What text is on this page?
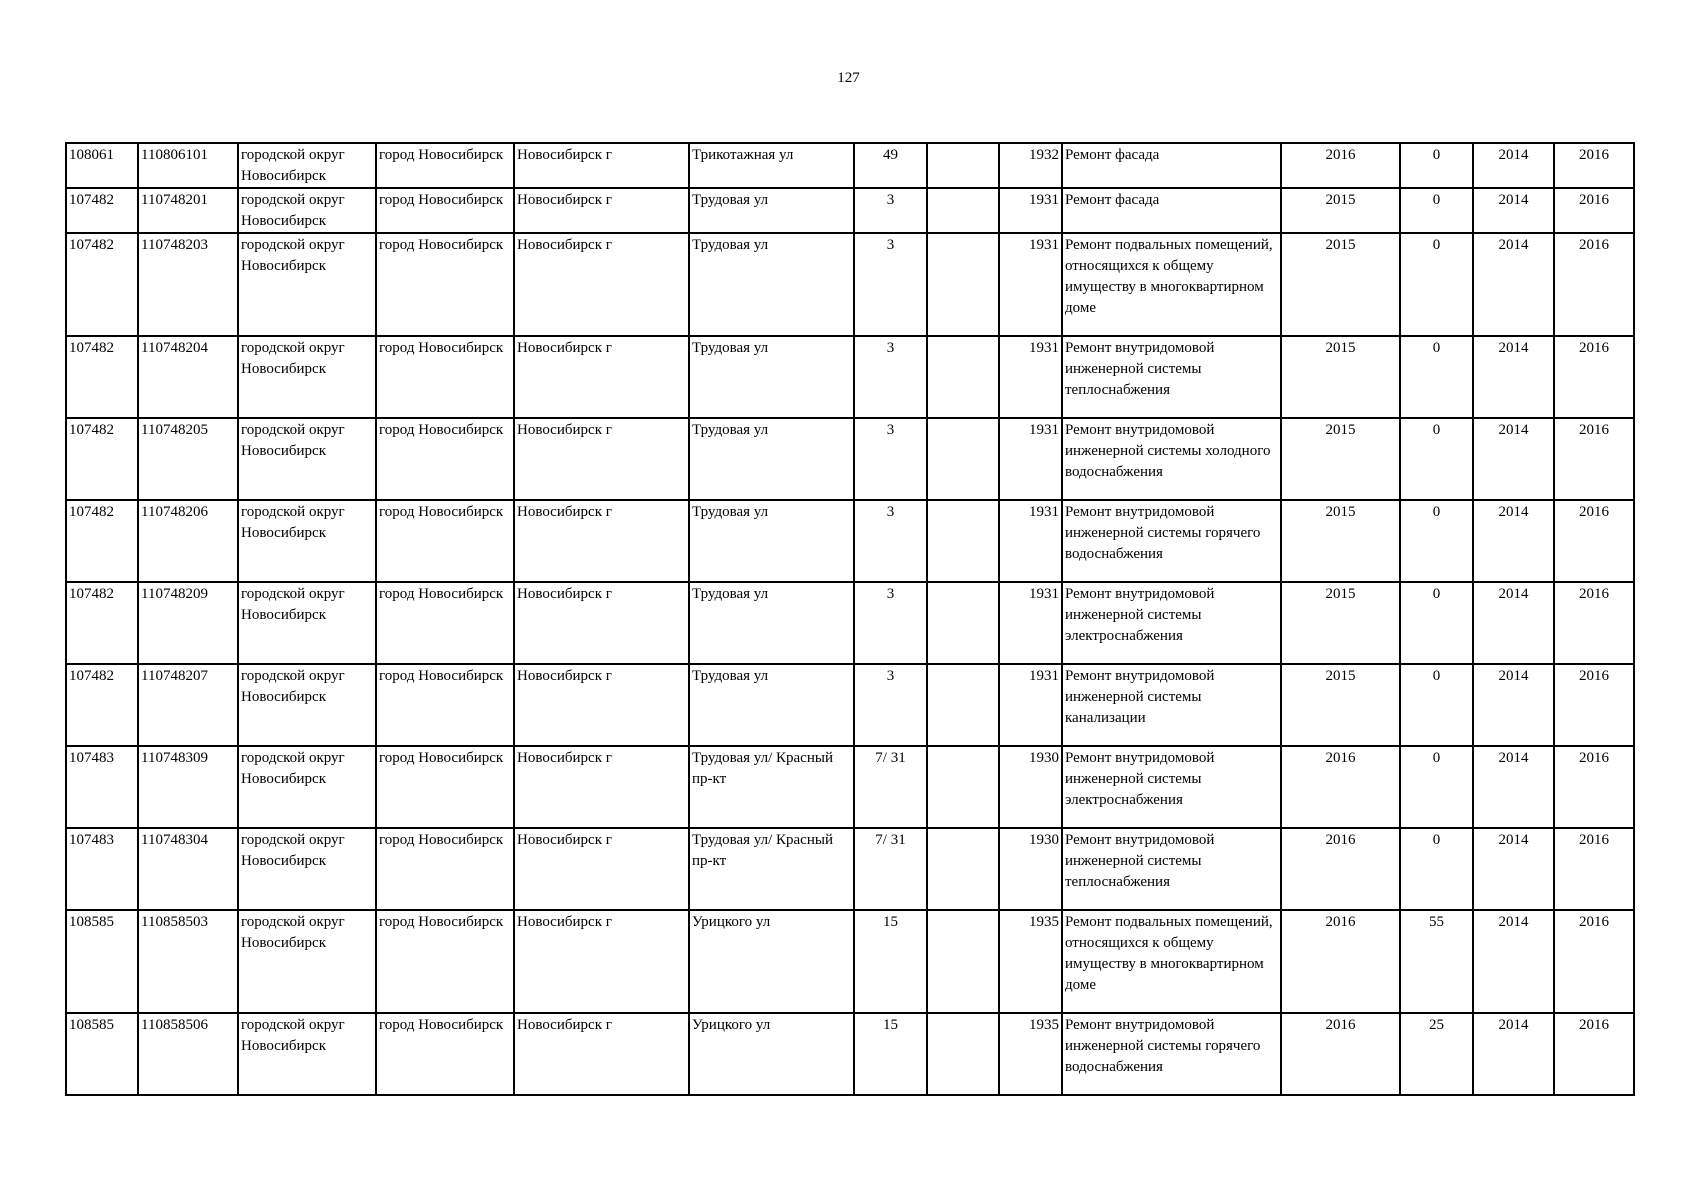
127
108061	110806101	городской округ Новосибирск	город Новосибирск	Новосибирск г	Трикотажная ул	49		1932	Ремонт фасада	2016	0	2014	2016
107482	110748201	городской округ Новосибирск	город Новосибирск	Новосибирск г	Трудовая ул	3		1931	Ремонт фасада	2015	0	2014	2016
107482	110748203	городской округ Новосибирск	город Новосибирск	Новосибирск г	Трудовая ул	3		1931	Ремонт подвальных помещений, относящихся к общему имуществу в многоквартирном доме	2015	0	2014	2016
107482	110748204	городской округ Новосибирск	город Новосибирск	Новосибирск г	Трудовая ул	3		1931	Ремонт внутридомовой инженерной системы теплоснабжения	2015	0	2014	2016
107482	110748205	городской округ Новосибирск	город Новосибирск	Новосибирск г	Трудовая ул	3		1931	Ремонт внутридомовой инженерной системы холодного водоснабжения	2015	0	2014	2016
107482	110748206	городской округ Новосибирск	город Новосибирск	Новосибирск г	Трудовая ул	3		1931	Ремонт внутридомовой инженерной системы горячего водоснабжения	2015	0	2014	2016
107482	110748209	городской округ Новосибирск	город Новосибирск	Новосибирск г	Трудовая ул	3		1931	Ремонт внутридомовой инженерной системы электроснабжения	2015	0	2014	2016
107482	110748207	городской округ Новосибирск	город Новосибирск	Новосибирск г	Трудовая ул	3		1931	Ремонт внутридомовой инженерной системы канализации	2015	0	2014	2016
107483	110748309	городской округ Новосибирск	город Новосибирск	Новосибирск г	Трудовая ул/ Красный пр-кт	7/ 31		1930	Ремонт внутридомовой инженерной системы электроснабжения	2016	0	2014	2016
107483	110748304	городской округ Новосибирск	город Новосибирск	Новосибирск г	Трудовая ул/ Красный пр-кт	7/ 31		1930	Ремонт внутридомовой инженерной системы теплоснабжения	2016	0	2014	2016
108585	110858503	городской округ Новосибирск	город Новосибирск	Новосибирск г	Урицкого ул	15		1935	Ремонт подвальных помещений, относящихся к общему имуществу в многоквартирном доме	2016	55	2014	2016
108585	110858506	городской округ Новосибирск	город Новосибирск	Новосибирск г	Урицкого ул	15		1935	Ремонт внутридомовой инженерной системы горячего водоснабжения	2016	25	2014	2016
